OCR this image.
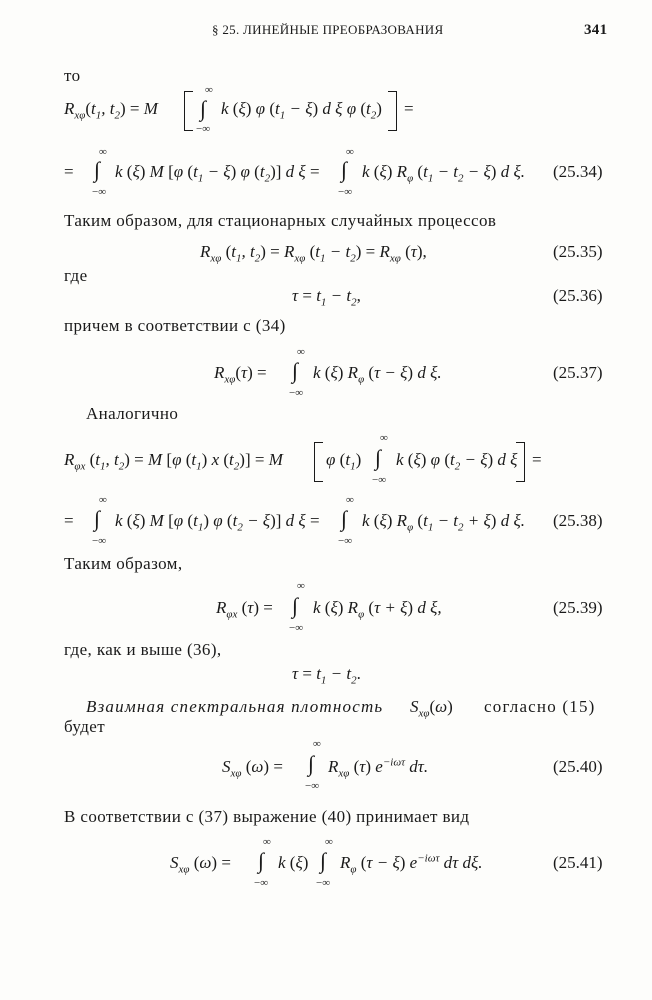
§ 25. ЛИНЕЙНЫЕ ПРЕОБРАЗОВАНИЯ	341
то
$R_{x\varphi}(t_1$, $t_2) = M$
∞
∫
−∞
k (ξ) φ $(t_1 - \xi)$ d ξ φ $(t_2)$ =
=
∞
∫
−∞
k (ξ) M [φ $(t_1 - \xi)$ φ $(t_2)$] d ξ =
∞
∫
−∞
k (ξ) $R_\varphi$ $(t_1 - t_2 - \xi)$ d ξ. (25.34)
Таким образом, для стационарных случайных процессов
$R_{x\varphi}$ ($t_1$, $t_2) = R_{x\varphi}$ $(t_1 - t_2) = R_{x\varphi}$ (τ),	(25.35)
где
$\tau = t_1 - t_2$,	(25.36)
причем в соответствии с (34)
$R_{x\varphi}(\tau)$ =
∞
∫
−∞
k (ξ) $R_\varphi$ (τ − ξ) d ξ.	(25.37)
Аналогично
$R_{\varphi x}$ ($t_1$, $t_2) = M$ [φ $(t_1)$ x $(t_2)] = M$	φ $(t_1)$
∞
∫
−∞
k (ξ) φ $(t_2 - \xi)$ d ξ =
=
∞
∫
−∞
k (ξ) M [φ $(t_1)$ φ $(t_2 - \xi)$] d ξ =
∞
∫
−∞
k (ξ) $R_\varphi$ $(t_1 - t_2 + \xi)$ d ξ. (25.38)
Таким образом,
$R_{\varphi x}$ (τ) =
∞
∫
−∞
k (ξ) $R_\varphi$ (τ + ξ) d ξ,	(25.39)
где, как и выше (36),
$\tau = t_1 - t_2$.
Взаимная спектральная плотность $S_{x\varphi}(\omega)$ согласно (15)
будет
$S_{x\varphi}$ (ω) =
∞
∫
−∞
$R_{x\varphi}$ (τ) $e^{-i\omega\tau}$ dτ.	(25.40)
В соответствии с (37) выражение (40) принимает вид
$S_{x\varphi}$ (ω) =
∞
∫
−∞
k (ξ)
∞
∫
−∞
$R_\varphi$ (τ − ξ) $e^{-i\omega\tau}$ dτ dξ.	(25.41)
